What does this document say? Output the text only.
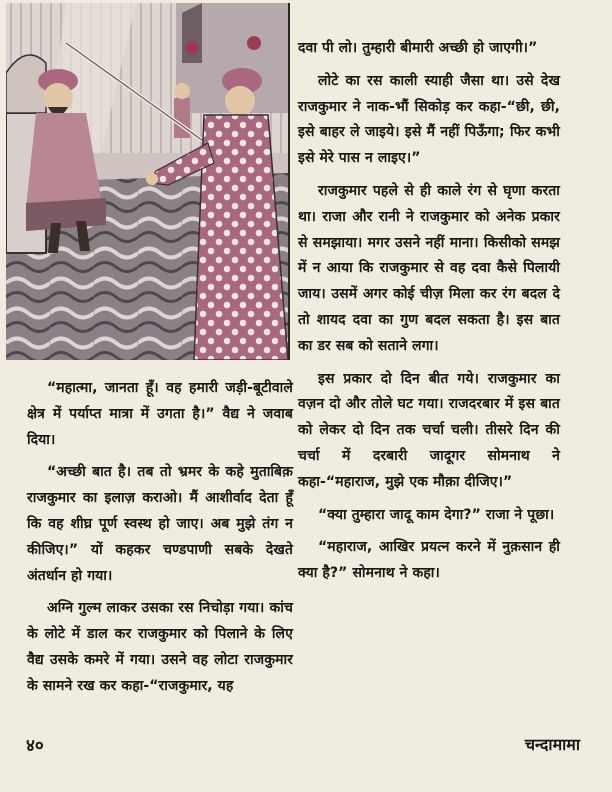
“महात्मा, जानता हूँ। वह हमारी जड़ी-बूटीवाले क्षेत्र में पर्याप्त मात्रा में उगता है।” वैद्य ने जवाब दिया।

“अच्छी बात है। तब तो भ्रमर के कहे मुताबिक़ राजकुमार का इलाज़ कराओ। मैं आशीर्वाद देता हूँ कि वह शीघ्र पूर्ण स्वस्थ हो जाए। अब मुझे तंग न कीजिए।” यों कहकर चण्डपाणी सबके देखते अंतर्धान हो गया।

अग्नि गुल्म लाकर उसका रस निचोड़ा गया। कांच के लोटे में डाल कर राजकुमार को पिलाने के लिए वैद्य उसके कमरे में गया। उसने वह लोटा राजकुमार के सामने रख कर कहा-“राजकुमार, यह

दवा पी लो। तुम्हारी बीमारी अच्छी हो जाएगी।”

लोटे का रस काली स्याही जैसा था। उसे देख राजकुमार ने नाक-भौं सिकोड़ कर कहा-“छी, छी, इसे बाहर ले जाइये। इसे मैं नहीं पिऊँगा; फिर कभी इसे मेरे पास न लाइए।”

राजकुमार पहले से ही काले रंग से घृणा करता था। राजा और रानी ने राजकुमार को अनेक प्रकार से समझाया। मगर उसने नहीं माना। किसीको समझ में न आया कि राजकुमार से वह दवा कैसे पिलायी जाय। उसमें अगर कोई चीज़ मिला कर रंग बदल दे तो शायद दवा का गुण बदल सकता है। इस बात का डर सब को सताने लगा।

इस प्रकार दो दिन बीत गये। राजकुमार का वज़न दो और तोले घट गया। राजदरबार में इस बात को लेकर दो दिन तक चर्चा चली। तीसरे दिन की चर्चा में दरबारी जादूगर सोमनाथ ने कहा-“महाराज, मुझे एक मौक़ा दीजिए।”

“क्या तुम्हारा जादू काम देगा?” राजा ने पूछा।

“महाराज, आखिर प्रयत्न करने में नुक़सान ही क्या है?” सोमनाथ ने कहा।

४०	चन्दामामा
